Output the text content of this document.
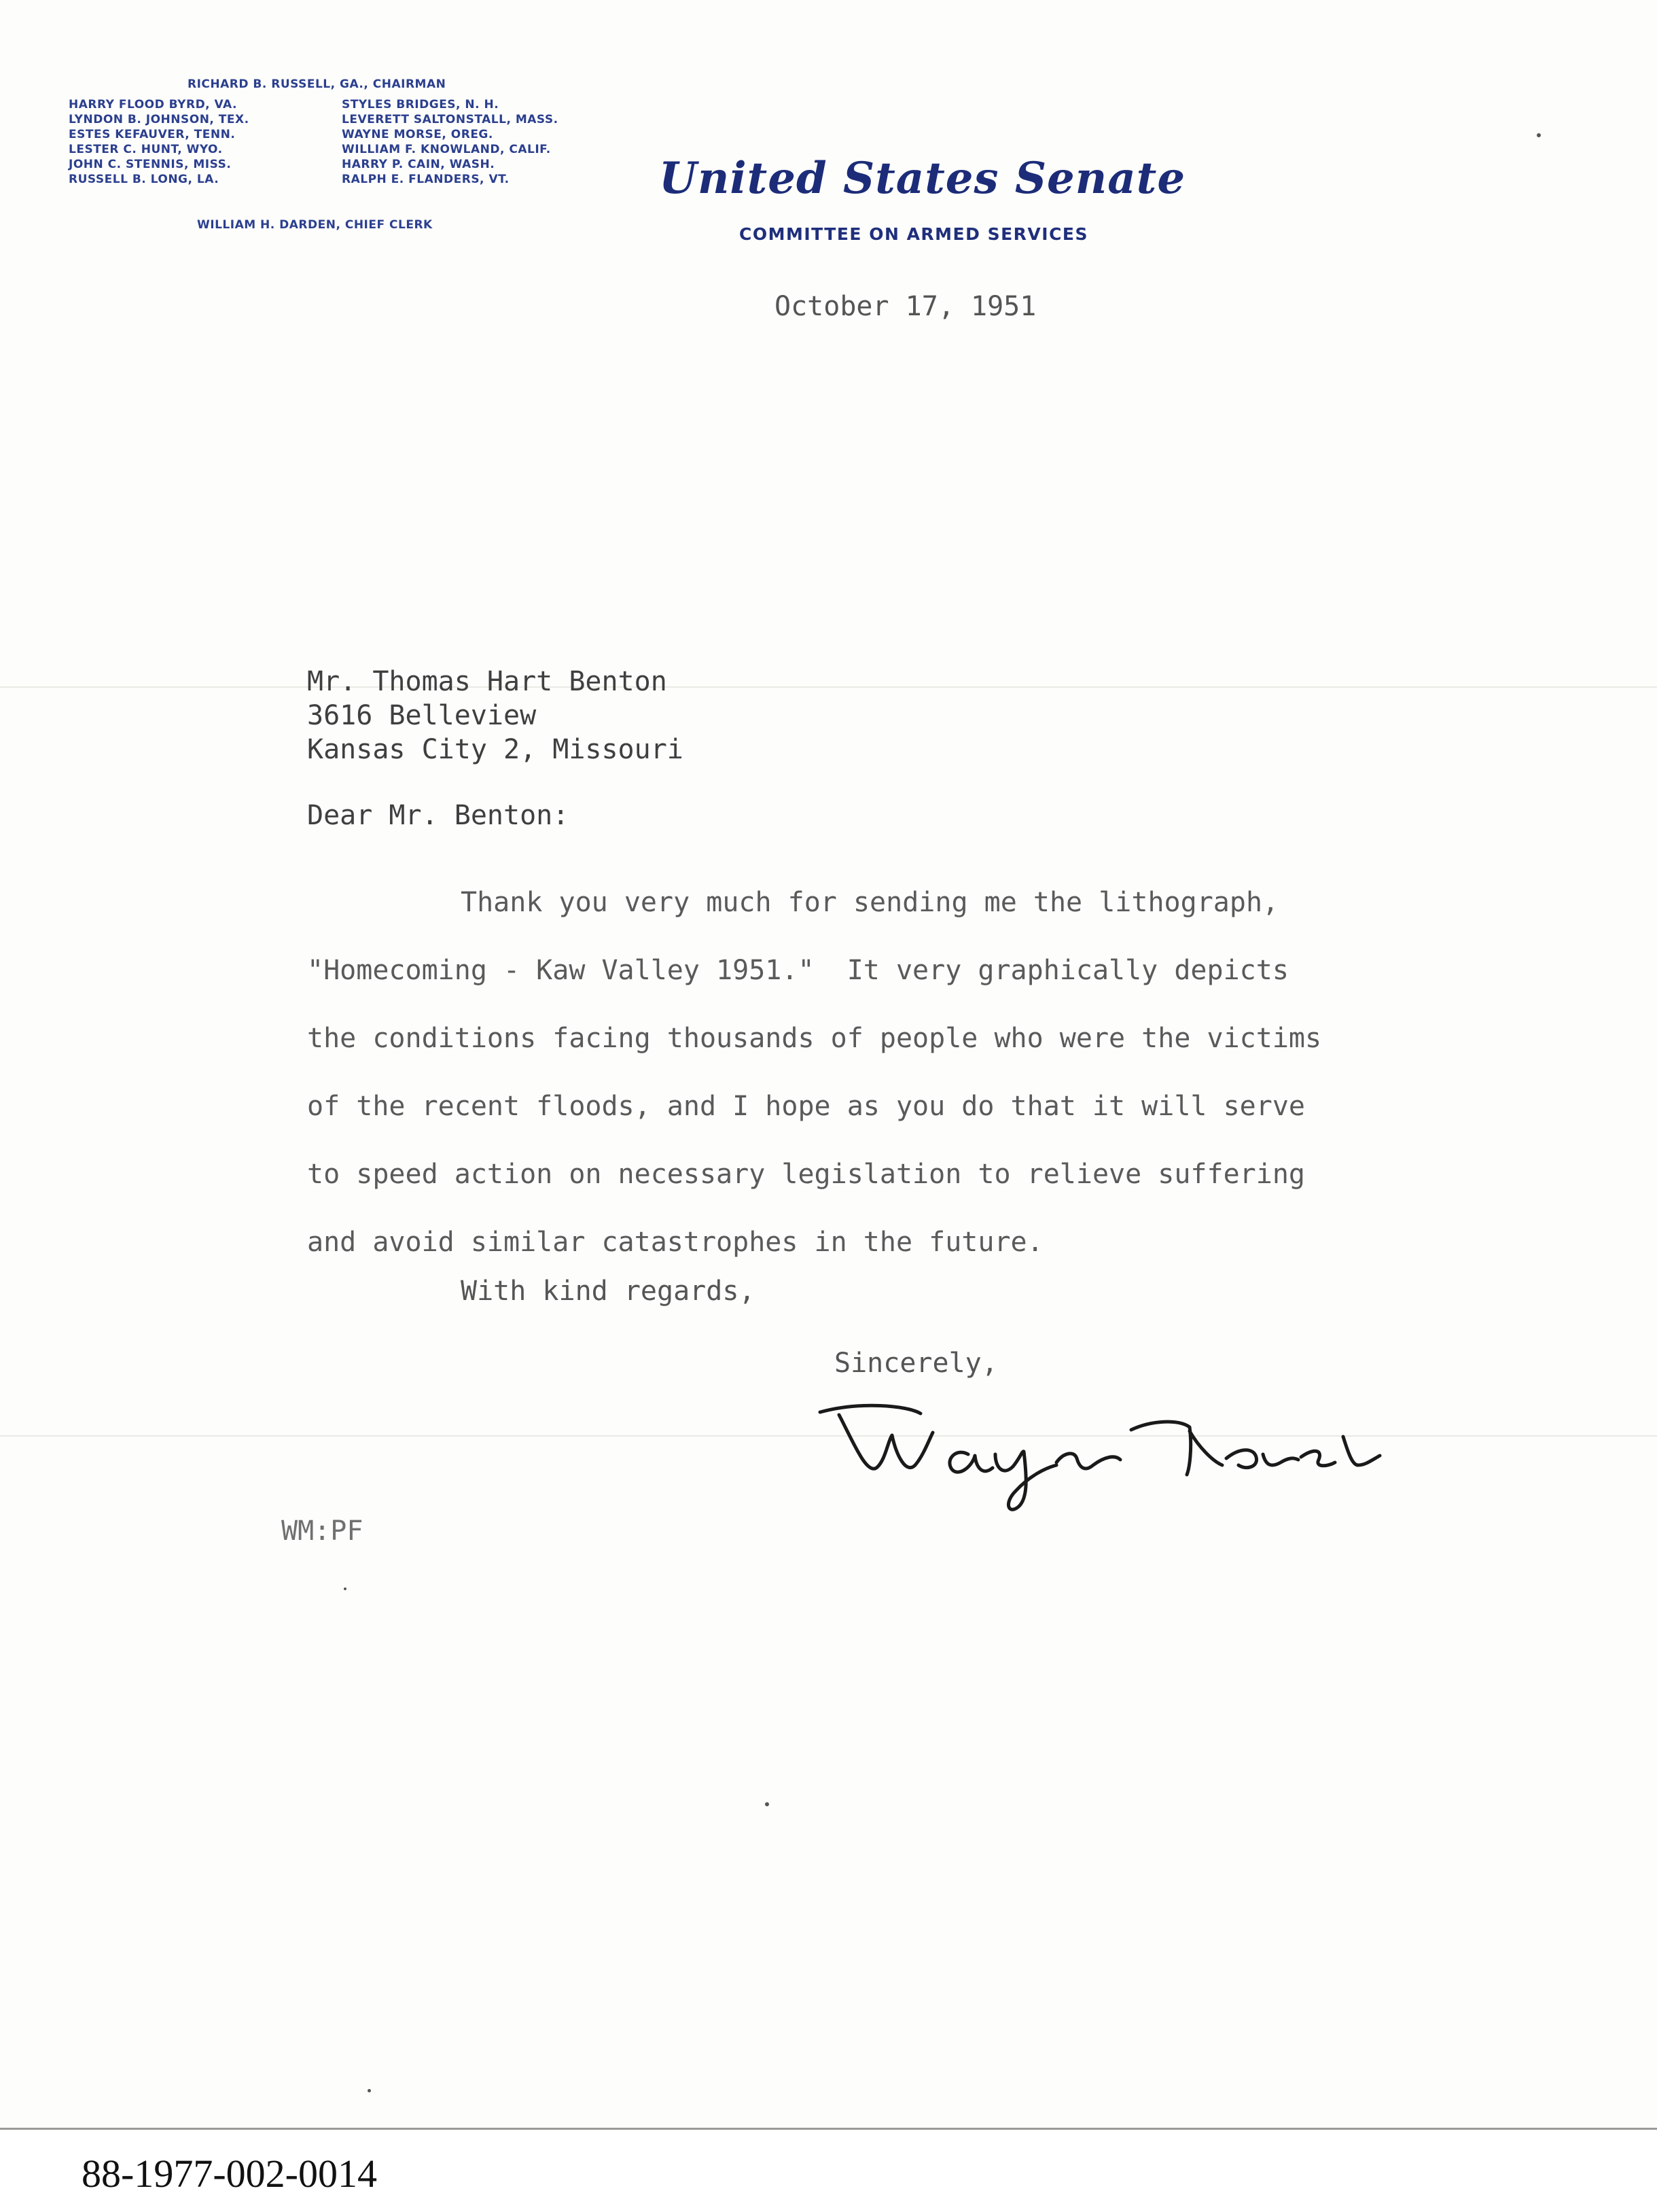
RICHARD B. RUSSELL, GA., CHAIRMAN
HARRY FLOOD BYRD, VA.
LYNDON B. JOHNSON, TEX.
ESTES KEFAUVER, TENN.
LESTER C. HUNT, WYO.
JOHN C. STENNIS, MISS.
RUSSELL B. LONG, LA.
STYLES BRIDGES, N. H.
LEVERETT SALTONSTALL, MASS.
WAYNE MORSE, OREG.
WILLIAM F. KNOWLAND, CALIF.
HARRY P. CAIN, WASH.
RALPH E. FLANDERS, VT.
WILLIAM H. DARDEN, CHIEF CLERK
United States Senate
COMMITTEE ON ARMED SERVICES
October 17, 1951
Mr. Thomas Hart Benton
3616 Belleview
Kansas City 2, Missouri
Dear Mr. Benton:
Thank you very much for sending me the lithograph,
"Homecoming - Kaw Valley 1951."  It very graphically depicts
the conditions facing thousands of people who were the victims
of the recent floods, and I hope as you do that it will serve
to speed action on necessary legislation to relieve suffering
and avoid similar catastrophes in the future.
With kind regards,
Sincerely,
WM:PF
88-1977-002-0014
